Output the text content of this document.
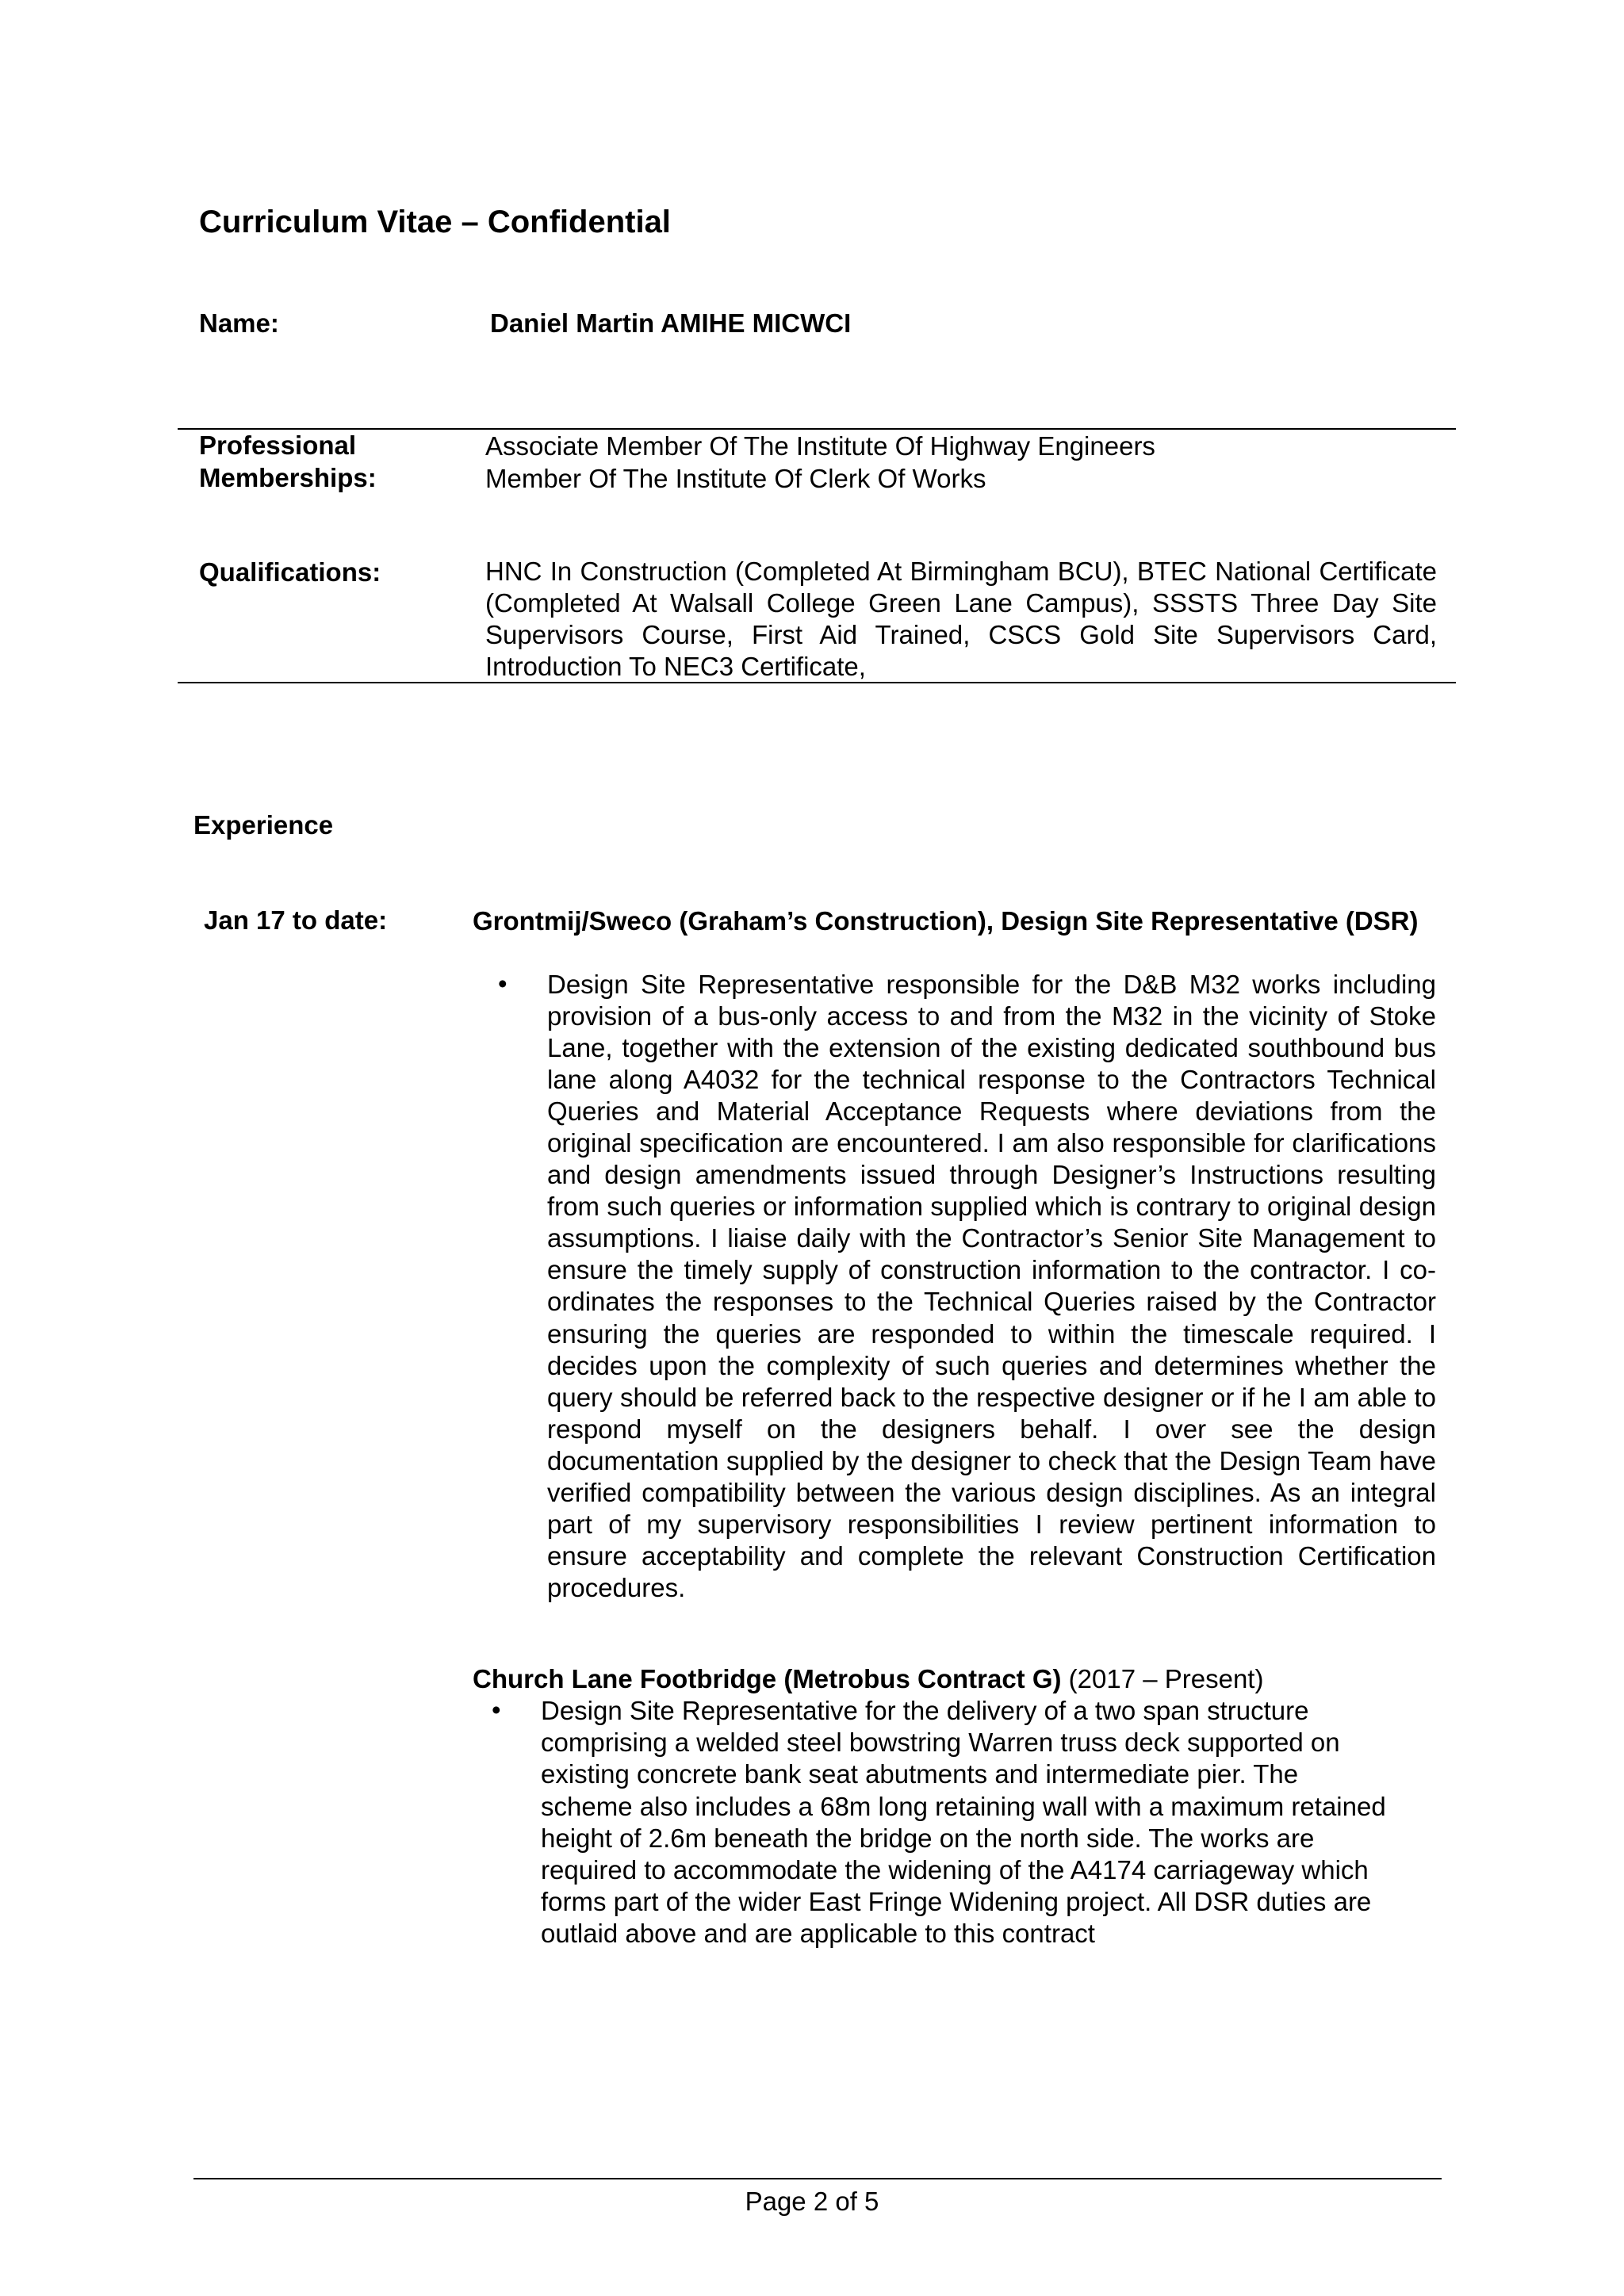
Curriculum Vitae – Confidential
Name:	Daniel Martin AMIHE MICWCI
Professional
Memberships:
Associate Member Of The Institute Of Highway Engineers
Member Of The Institute Of Clerk Of Works
Qualifications:	HNC In Construction (Completed At Birmingham BCU), BTEC National Certificate (Completed At Walsall College Green Lane Campus), SSSTS Three Day Site Supervisors Course, First Aid Trained, CSCS Gold Site Supervisors Card, Introduction To NEC3 Certificate,
Experience
Jan 17 to date:	Grontmij/Sweco (Graham’s Construction), Design Site Representative (DSR)
• Design Site Representative responsible for the D&B M32 works including provision of a bus-only access to and from the M32 in the vicinity of Stoke Lane, together with the extension of the existing dedicated southbound bus lane along A4032 for the technical response to the Contractors Technical Queries and Material Acceptance Requests where deviations from the original specification are encountered. I am also responsible for clarifications and design amendments issued through Designer’s Instructions resulting from such queries or information supplied which is contrary to original design assumptions. I liaise daily with the Contractor’s Senior Site Management to ensure the timely supply of construction information to the contractor. I co-ordinates the responses to the Technical Queries raised by the Contractor ensuring the queries are responded to within the timescale required. I decides upon the complexity of such queries and determines whether the query should be referred back to the respective designer or if he I am able to respond myself on the designers behalf. I over see the design documentation supplied by the designer to check that the Design Team have verified compatibility between the various design disciplines. As an integral part of my supervisory responsibilities I review pertinent information to ensure acceptability and complete the relevant Construction Certification procedures.
Church Lane Footbridge (Metrobus Contract G) (2017 – Present)
• Design Site Representative for the delivery of a two span structure
comprising a welded steel bowstring Warren truss deck supported on
existing concrete bank seat abutments and intermediate pier. The
scheme also includes a 68m long retaining wall with a maximum retained
height of 2.6m beneath the bridge on the north side. The works are
required to accommodate the widening of the A4174 carriageway which
forms part of the wider East Fringe Widening project. All DSR duties are
outlaid above and are applicable to this contract
Page 2 of 5
